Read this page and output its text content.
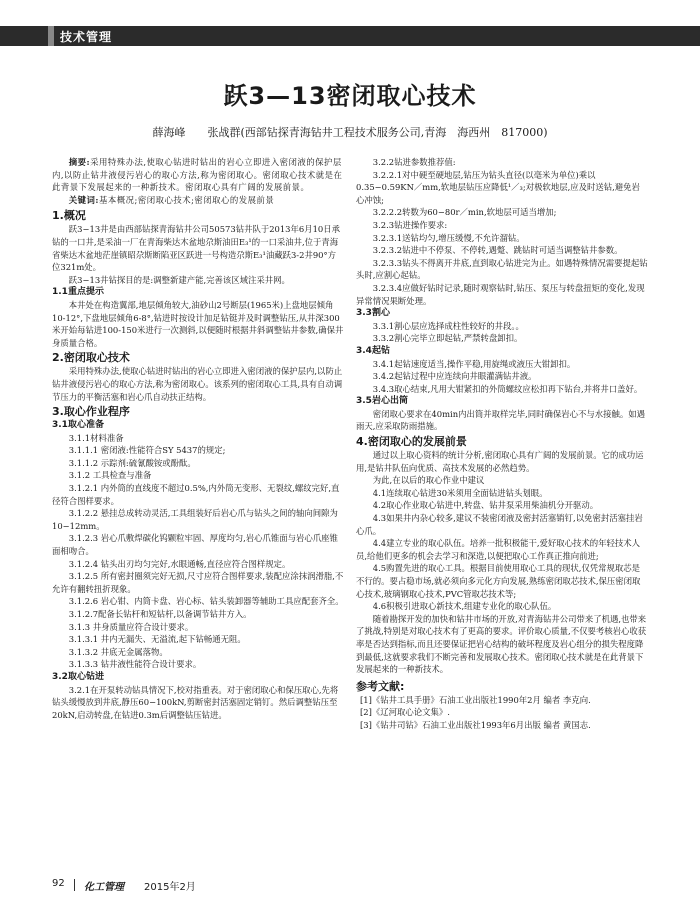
技术管理
跃3—13密闭取心技术
薛海峰　　张战群(西部钻探青海钻井工程技术服务公司,青海　海西州　817000)
摘要:采用特殊办法,使取心钻进时钻出的岩心立即进入密闭液的保护层内,以防止钻井液侵污岩心的取心方法,称为密闭取心。密闭取心技术就是在此背景下发展起来的一种新技术。密闭取心具有广阔的发展前景。
关键词:基本概况;密闭取心技术;密闭取心的发展前景
1.概况
跃3−13井是由西部钻探青海钻井公司50573钻井队于2013年6月10日承钻的一口井,是采油一厂在青海柴达木盆地尕斯油田E₃¹的一口采油井,位于青海省柴达木盆地茫崖镇昭尕斯断陷亚区跃进一号构造尕斯E₃¹油藏跃3-2井90°方位321m处。
跃3−13井钻探目的是:调整新建产能,完善该区域注采井网。
1.1重点提示
本井处在构造翼部,地层倾角较大,油砂山2号断层(1965米)上盘地层倾角10-12°,下盘地层倾角6-8°,钻进时按设计加足钻铤并及时调整钻压,从井深300米开始每钻进100-150米进行一次测斜,以便随时根据井斜调整钻井参数,确保井身质量合格。
2.密闭取心技术
采用特殊办法,使取心钻进时钻出的岩心立即进入密闭液的保护层内,以防止钻井液侵污岩心的取心方法,称为密闭取心。该系列的密闭取心工具,具有自动调节压力的平衡活塞和岩心爪自动扶正结构。
3.取心作业程序
3.1取心准备
3.1.1材料准备
3.1.1.1 密闭液:性能符合SY 5437的规定;
3.1.1.2 示踪剂:硫氰酸铵或酚酞。
3.1.2 工具检查与准备
3.1.2.1 内外筒的直线度不超过0.5%,内外筒无变形、无裂纹,螺纹完好,直径符合图样要求。
3.1.2.2 悬挂总成转动灵活,工具组装好后岩心爪与钻头之间的轴向间隙为10−12mm。
3.1.2.3 岩心爪敷焊碳化钨颗粒牢固、厚度均匀,岩心爪锥面与岩心爪座锥面相吻合。
3.1.2.4 钻头出刃均匀完好,水眼通畅,直径应符合图样规定。
3.1.2.5 所有密封圈须完好无损,尺寸应符合图样要求,装配应涂抹润滑脂,不允许有翻转扭折现象。
3.1.2.6 岩心钳、内筒卡盘、岩心标、钻头装卸器等辅助工具应配套齐全。
3.1.2.7配备长钻杆和短钻杆,以备调节钻井方入。
3.1.3 井身质量应符合设计要求。
3.1.3.1 井内无漏失、无溢流,起下钻畅通无阻。
3.1.3.2 井底无金属落物。
3.1.3.3 钻井液性能符合设计要求。
3.2取心钻进
3.2.1在开泵转动钻具情况下,校对指重表。对于密闭取心和保压取心,先将钻头缓慢放到井底,静压60−100kN,剪断密封活塞固定销钉。然后调整钻压至20kN,启动转盘,在钻进0.3m后调整钻压钻进。
3.2.2钻进参数推荐值:
3.2.2.1对中硬至硬地层,钻压为钻头直径(以毫米为单位)乘以0.35−0.59KN／mm,软地层钻压应降低¹／₃;对极软地层,应及时送钻,避免岩心冲蚀;
3.2.2.2转数为60−80r／min,软地层可适当增加;
3.2.3钻进操作要求:
3.2.3.1送钻均匀,增压缓慢,不允许溜钻。
3.2.3.2钻进中不停泵、不停转,遇蹩、跳钻时可适当调整钻井参数。
3.2.3.3钻头不得离开井底,直到取心钻进完为止。如遇特殊情况需要提起钻头时,应割心起钻。
3.2.3.4应做好钻时记录,随时观察钻时,钻压、泵压与转盘扭矩的变化,发现异常情况果断处理。
3.3割心
3.3.1割心层应选择成柱性较好的井段。。
3.3.2割心完毕立即起钻,严禁转盘卸扣。
3.4起钻
3.4.1起钻速度适当,操作平稳,用旋绳或液压大钳卸扣。
3.4.2起钻过程中应连续向井眼灌满钻井液。
3.4.3取心结束,凡用大钳紧扣的外筒螺纹应松扣再下钻台,并将井口盖好。
3.5岩心出筒
密闭取心要求在40min内出筒并取样完毕,同时确保岩心不与水接触。如遇雨天,应采取防雨措施。
4.密闭取心的发展前景
通过以上取心资料的统计分析,密闭取心具有广阔的发展前景。它的成功运用,是钻井队伍向优质、高技术发展的必然趋势。
为此,在以后的取心作业中建议
4.1连续取心钻进30米须用全面钻进钻头划眼。
4.2取心作业取心钻进中,转盘、钻井泵采用柴油机分开驱动。
4.3如果井内杂心较多,建议不装密闭液及密封活塞销钉,以免密封活塞挂岩心爪。
4.4建立专业的取心队伍。培养一批积极能干,爱好取心技术的年轻技术人员,给他们更多的机会去学习和深造,以便把取心工作真正推向前进;
4.5购置先进的取心工具。根据目前使用取心工具的现状,仅凭常规取芯是不行的。要占稳市场,就必须向多元化方向发展,熟练密闭取芯技术,保压密闭取心技术,玻璃钢取心技术,PVC管取芯技术等;
4.6积极引进取心新技术,组建专业化的取心队伍。
随着勘探开发的加快和钻井市场的开放,对青海钻井公司带来了机遇,也带来了挑战,特别是对取心技术有了更高的要求。评价取心质量,不仅要考核岩心收获率是否达到指标,而且还要保证把岩心结构的破坏程度及岩心组分的损失程度降到最低,这就要求我们不断完善和发展取心技术。密闭取心技术就是在此背景下发展起来的一种新技术。
参考文献:
[1]《钻井工具手册》石油工业出版社1990年2月 编者 李克向.
[2]《辽河取心论文集》.
[3]《钻井司钻》石油工业出版社1993年6月出版 编者 黄国志.
92 化工管理 2015年2月
